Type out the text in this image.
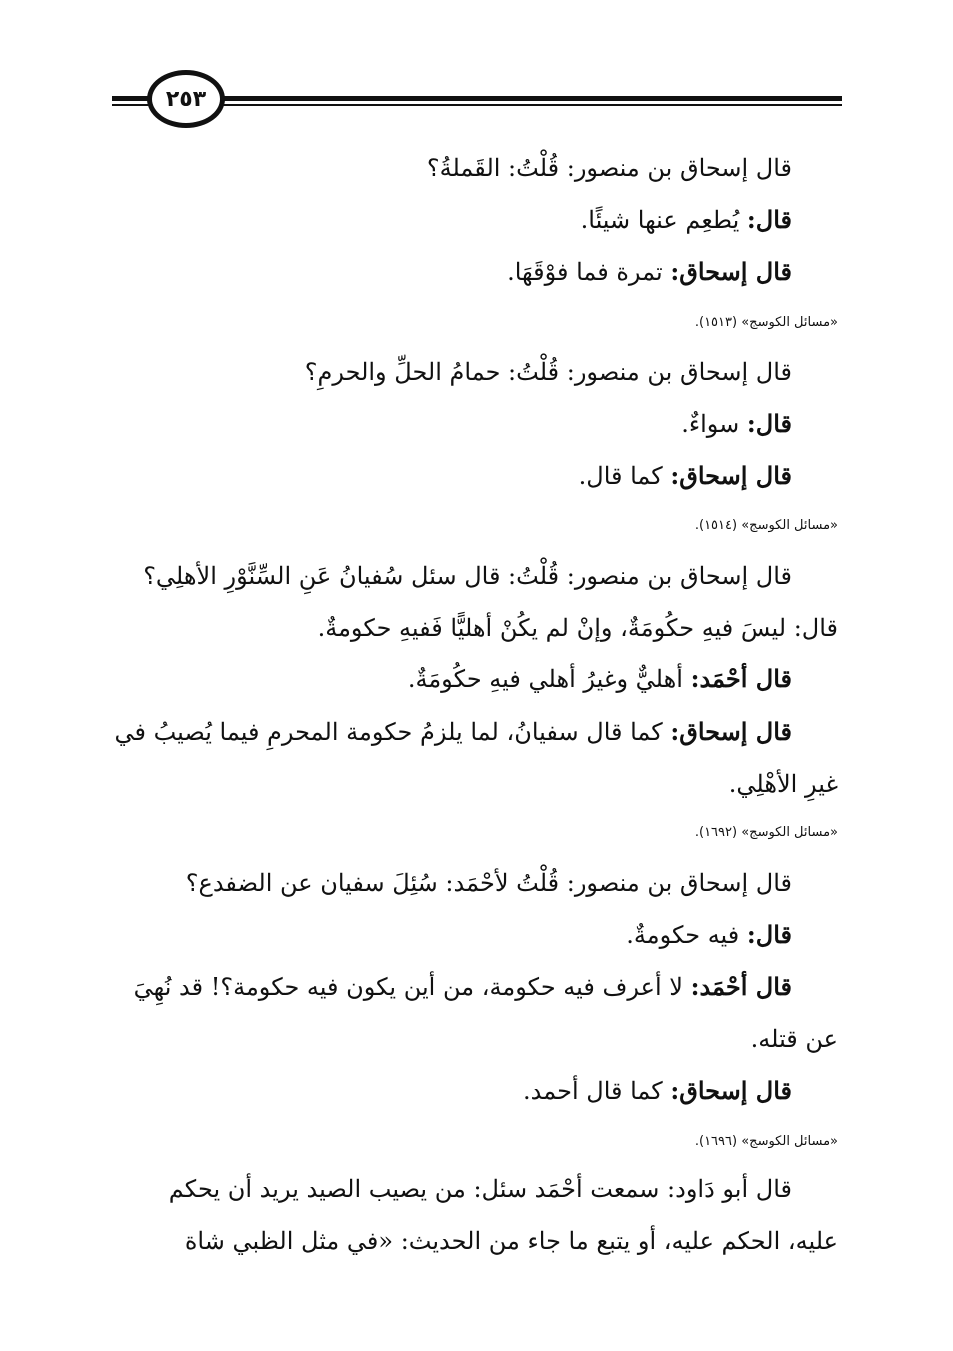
٢٥٣
قال إسحاق بن منصور: قُلْتُ: القَملةُ؟
قال: يُطعِم عنها شيئًا.
قال إسحاق: تمرة فما فوْقَهَا.
«مسائل الكوسج» (١٥١٣).
قال إسحاق بن منصور: قُلْتُ: حمامُ الحلِّ والحرمِ؟
قال: سواءٌ.
قال إسحاق: كما قال.
«مسائل الكوسج» (١٥١٤).
قال إسحاق بن منصور: قُلْتُ: قال سئل سُفيانُ عَنِ السِّنَّوْرِ الأهلِي؟
قال: ليسَ فيهِ حكُومَةٌ، وإنْ لم يكُنْ أهليًّا فَفيهِ حكومةٌ.
قال أحْمَد: أهليٌّ وغيرُ أهلي فيهِ حكُومَةٌ.
قال إسحاق: كما قال سفيانُ، لما يلزمُ حكومة المحرمِ فيما يُصيبُ في
غيرِ الأهْلِي.
«مسائل الكوسج» (١٦٩٢).
قال إسحاق بن منصور: قُلْتُ لأحْمَد: سُئِلَ سفيان عن الضفدع؟
قال: فيه حكومةٌ.
قال أحْمَد: لا أعرف فيه حكومة، من أين يكون فيه حكومة؟! قد نُهِيَ
عن قتله.
قال إسحاق: كما قال أحمد.
«مسائل الكوسج» (١٦٩٦).
قال أبو دَاود: سمعت أحْمَد سئل: من يصيب الصيد يريد أن يحكم
عليه، الحكم عليه، أو يتبع ما جاء من الحديث: «في مثل الظبي شاة
